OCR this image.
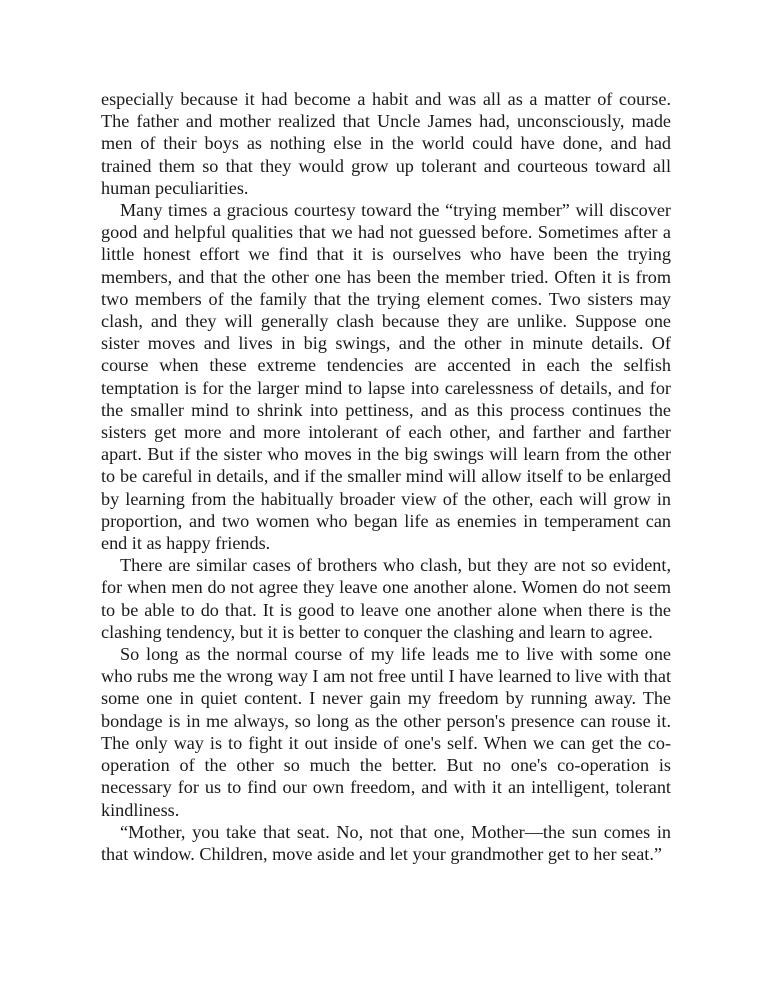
especially because it had become a habit and was all as a matter of course. The father and mother realized that Uncle James had, unconsciously, made men of their boys as nothing else in the world could have done, and had trained them so that they would grow up tolerant and courteous toward all human peculiarities.

Many times a gracious courtesy toward the “trying member” will discover good and helpful qualities that we had not guessed before. Sometimes after a little honest effort we find that it is ourselves who have been the trying members, and that the other one has been the member tried. Often it is from two members of the family that the trying element comes. Two sisters may clash, and they will generally clash because they are unlike. Suppose one sister moves and lives in big swings, and the other in minute details. Of course when these extreme tendencies are accented in each the selfish temptation is for the larger mind to lapse into carelessness of details, and for the smaller mind to shrink into pettiness, and as this process continues the sisters get more and more intolerant of each other, and farther and farther apart. But if the sister who moves in the big swings will learn from the other to be careful in details, and if the smaller mind will allow itself to be enlarged by learning from the habitually broader view of the other, each will grow in proportion, and two women who began life as enemies in temperament can end it as happy friends.

There are similar cases of brothers who clash, but they are not so evident, for when men do not agree they leave one another alone. Women do not seem to be able to do that. It is good to leave one another alone when there is the clashing tendency, but it is better to conquer the clashing and learn to agree.

So long as the normal course of my life leads me to live with some one who rubs me the wrong way I am not free until I have learned to live with that some one in quiet content. I never gain my freedom by running away. The bondage is in me always, so long as the other person's presence can rouse it. The only way is to fight it out inside of one's self. When we can get the co-operation of the other so much the better. But no one's co-operation is necessary for us to find our own freedom, and with it an intelligent, tolerant kindliness.

“Mother, you take that seat. No, not that one, Mother—the sun comes in that window. Children, move aside and let your grandmother get to her seat.”
